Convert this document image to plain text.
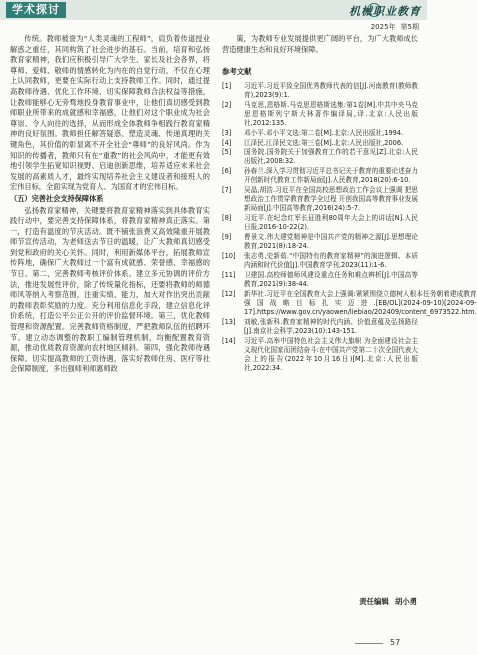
学术探讨	机械职业教育
2025年 第5期

传统。教师被誉为“人类灵魂的工程师”，肩负着传道授业解惑之重任，其同构筑了社会进步的基石。当前，培育和弘扬教育家精神，我们应积极引导广大学生、家长及社会各界，将尊师、爱师、敬师的情感转化为内在的自觉行动，不仅在心理上认同教师，更要在实际行动上支持教师工作。同时，通过提高教师待遇、优化工作环境、切实保障教师合法权益等措施，让教师能够心无旁骛地投身教育事业中，让他们真切感受到教师职业所带来的成就感和幸福感，让他们对这个职业成为社会尊崇、令人向往的选择，从而形成全体教师争相践行教育家精神的良好氛围。教师担任解答疑惑、塑造灵魂、传递真理的关键角色，其价值的彰显离不开全社会“尊师”的良好风尚。作为知识的传播者，教师只有在“重教”的社会风尚中，才能更有效地引领学生拓宽知识视野、启迪创新思维，培养适应未来社会发展的高素质人才，最终实现培养社会主义建设者和接班人的宏伟目标，全面实现为党育人、为国育才的宏伟目标。

（五）完善社会支持保障体系

弘扬教育家精神，关键要将教育家精神落实到具体教育实践行动中，要完善支持保障体系，将教育家精神真正落实。第一，打造有温度的节庆活动。既不铺张浪费又高效隆重开展教师节宣传活动，为老师送去节日的温暖，让广大教师真切感受到党和政府的关心关怀。同时，利用新媒体平台，拓展教师宣传阵地，确保广大教师过一个富有成就感、荣誉感、幸福感的节日。第二，完善教师考核评价体系。建立多元协调的评价方法，推进发展性评价，除了传统量化指标，还要将教师的师德师风等纳入考察范围，注重实绩、能力，加大对作出突出贡献的教师表彰奖励的力度。充分利用信息化手段，建立信息化评价系统，打造公平公正公开的评价监督环境。第三，优化教师管理和资源配置。完善教师资格制度，严把教师队伍的招聘环节。建立动态调整的教职工编制管理机制，均衡配置教育资源，推动优质教育资源向农村地区倾斜。第四，强化教师待遇保障。切实提高教师的工资待遇，落实好教师住房、医疗等社会保障制度，多出强师利师惠师政

策，为教师专业发展提供更广阔的平台，为广大教师成长营造健康生态和良好环境保障。

参考文献
[1]	习近平.习近平致全国优秀教师代表的信[J].河南教育(教师教育),2023(9):1.
[2]	马克思,恩格斯.马克思恩格斯选集:第1卷[M].中共中央马克思恩格斯列宁斯大林著作编译局,译.北京:人民出版社,2012:135.
[3]	邓小平.邓小平文选:第二卷[M].北京:人民出版社,1994.
[4]	江泽民.江泽民文选:第三卷[M].北京:人民出版社,2006.
[5]	国务院.国务院关于加强教育工作的若干意见[Z].北京:人民出版社,2008:32.
[6]	孙春兰.深入学习贯彻习近平总书记关于教育的重要论述奋力开创新时代教育工作新局面[J].人民教育,2018(20):6-10.
[7]	吴晶,胡浩.习近平在全国高校思想政治工作会议上强调 把思想政治工作贯穿教育教学全过程 开创我国高等教育事业发展新局面[J].中国高等教育,2016(24):5-7.
[8]	习近平.在纪念红军长征胜利80周年大会上的讲话[N].人民日报,2016-10-22(2).
[9]	曹景文.伟大建党精神是中国共产党的精神之源[J].思想理论教育,2021(8):18-24.
[10]	张志勇,史新茹.“中国特有的教育家精神”的演进逻辑、本质内涵和时代价值[J].中国教育学刊,2023(11):1-6.
[11]	卫建国.高校师德师风建设重点任务和难点辨析[J].中国高等教育,2021(9):38-44.
[12]	新华社.习近平在全国教育大会上强调:紧紧围绕立德树人根本任务朝着建成教育强国战略目标扎实迈进.[EB/OL](2024-09-10)[2024-09-17].https://www.gov.cn/yaowen/liebiao/202409/content_6973522.htm.
[13]	刘敏,张新科.教育家精神的时代内涵、价值意蕴及弘扬路径[J].南京社会科学,2023(10):143-151.
[14]	习近平.高举中国特色社会主义伟大旗帜 为全面建设社会主义现代化国家而团结奋斗:在中国共产党第二十次全国代表大会上的报告(2022年10月16日)[M].北京:人民出版社,2022:34.
责任编辑 胡小勇
57
